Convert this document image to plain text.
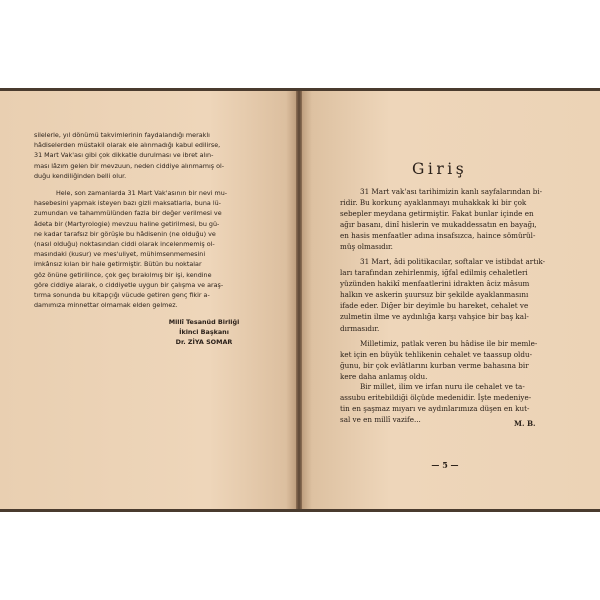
silelerle, yıl dönümü takvimlerinin faydalandığı meraklı
hâdiselerden müstakil olarak ele alınmadığı kabul edilirse,
31 Mart Vak'ası gibi çok dikkatle durulması ve ibret alın-
ması lâzım gelen bir mevzuun, neden ciddiye alınmamış ol-
duğu kendiliğinden belli olur.

Hele, son zamanlarda 31 Mart Vak'asının bir nevi mu-
hasebesini yapmak isteyen bazı gizli maksatlarla, buna lü-
zumundan ve tahammülünden fazla bir değer verilmesi ve
âdeta bir (Martyrologie) mevzuu haline getirilmesi, bu gü-
ne kadar tarafsız bir görüşle bu hâdisenin (ne olduğu) ve
(nasıl olduğu) noktasından ciddi olarak incelenmemiş ol-
masındaki (kusur) ve mes'uliyet, mühimsenmemesini
imkânsız kılan bir hale getirmiştir. Bütün bu noktalar
göz önüne getirilince, çok geç bırakılmış bir işi, kendine
göre ciddiye alarak, o ciddiyetle uygun bir çalışma ve araş-
tırma sonunda bu kitapçığı vücude getiren genç fikir a-
damımıza minnettar olmamak elden gelmez.

Millî Tesanüd Birliği
İkinci Başkanı
Dr. ZİYA SOMAR
Giriş
31 Mart vak'ası tarihimizin kanlı sayfalarından bi-
ridir. Bu korkunç ayaklanmayı muhakkak ki bir çok
sebepler meydana getirmiştir. Fakat bunlar içinde en
ağır basanı, dinî hislerin ve mukaddessatın en bayağı,
en hasis menfaatler adına insafsızca, haince sömürül-
müş olmasıdır.
31 Mart, âdi politikacılar, softalar ve istibdat artık-
ları tarafından zehirlenmiş, iğfal edilmiş cehaletleri
yüzünden hakikî menfaatlerini idrakten âciz mâsum
halkın ve askerin şuursuz bir şekilde ayaklanmasını
ifade eder. Diğer bir deyimle bu hareket, cehalet ve
zulmetin ilme ve aydınlığa karşı vahşice bir baş kal-
dırmasıdır.
Milletimiz, patlak veren bu hâdise ile bir memle-
ket için en büyük tehlikenin cehalet ve taassup oldu-
ğunu, bir çok evlâtlarını kurban verme bahasına bir
kere daha anlamış oldu.
Bir millet, ilim ve irfan nuru ile cehalet ve ta-
assubu eritebildiği ölçüde medenidir. İşte medeniye-
tin en şaşmaz mıyarı ve aydınlarımıza düşen en kut-
sal ve en millî vazife...	M. B.
— 5 —
